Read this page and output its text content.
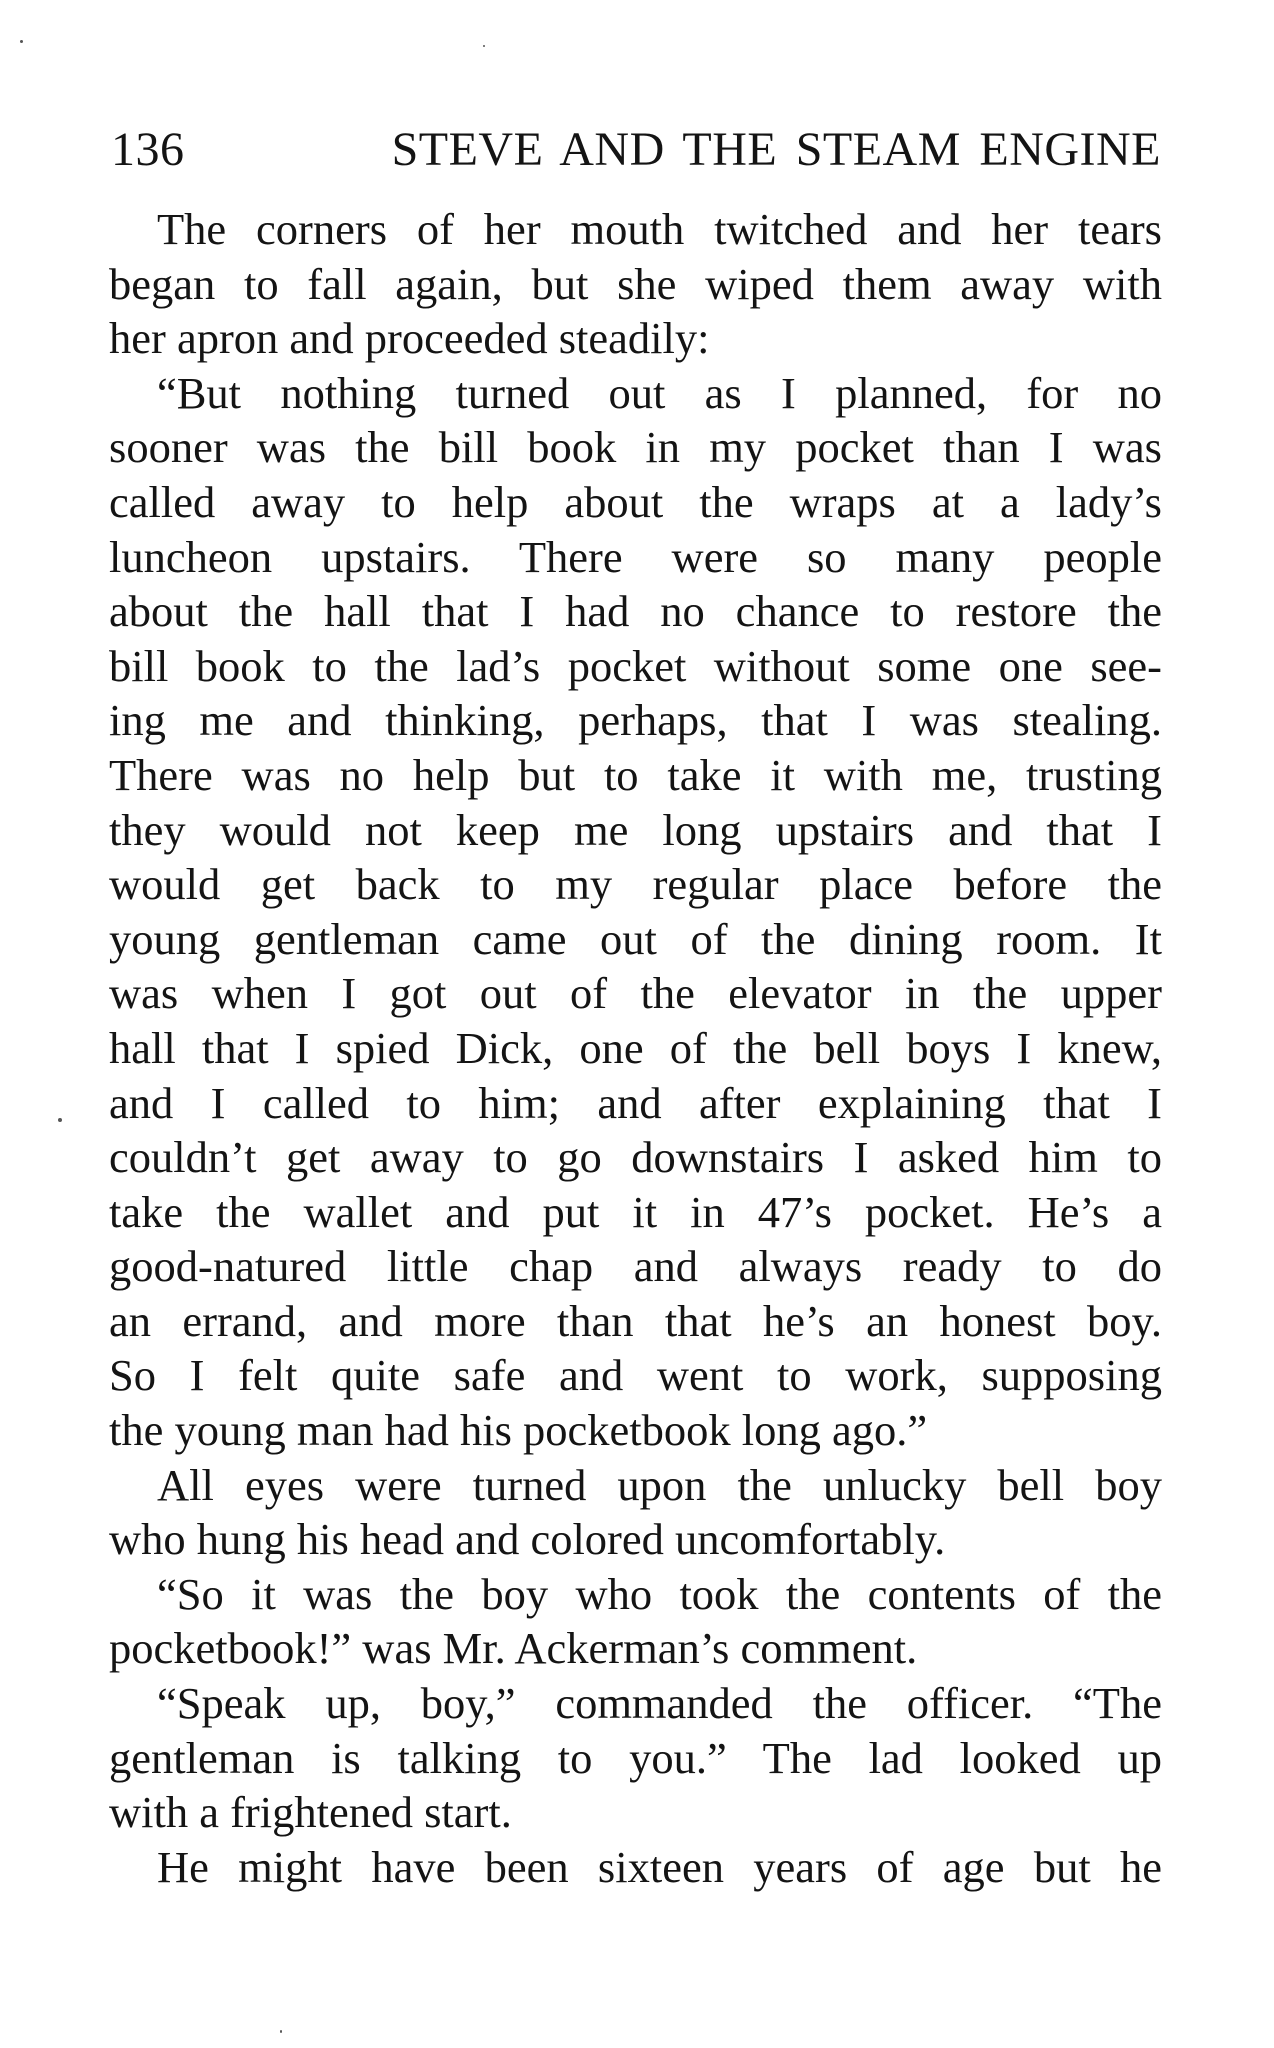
136	STEVE AND THE STEAM ENGINE
The corners of her mouth twitched and her tears
began to fall again, but she wiped them away with
her apron and proceeded steadily:
“But nothing turned out as I planned, for no
sooner was the bill book in my pocket than I was
called away to help about the wraps at a lady’s
luncheon upstairs. There were so many people
about the hall that I had no chance to restore the
bill book to the lad’s pocket without some one see-
ing me and thinking, perhaps, that I was stealing.
There was no help but to take it with me, trusting
they would not keep me long upstairs and that I
would get back to my regular place before the
young gentleman came out of the dining room. It
was when I got out of the elevator in the upper
hall that I spied Dick, one of the bell boys I knew,
and I called to him; and after explaining that I
couldn’t get away to go downstairs I asked him to
take the wallet and put it in 47’s pocket. He’s a
good-natured little chap and always ready to do
an errand, and more than that he’s an honest boy.
So I felt quite safe and went to work, supposing
the young man had his pocketbook long ago.”
All eyes were turned upon the unlucky bell boy
who hung his head and colored uncomfortably.
“So it was the boy who took the contents of the
pocketbook!” was Mr. Ackerman’s comment.
“Speak up, boy,” commanded the officer. “The
gentleman is talking to you.” The lad looked up
with a frightened start.
He might have been sixteen years of age but he
